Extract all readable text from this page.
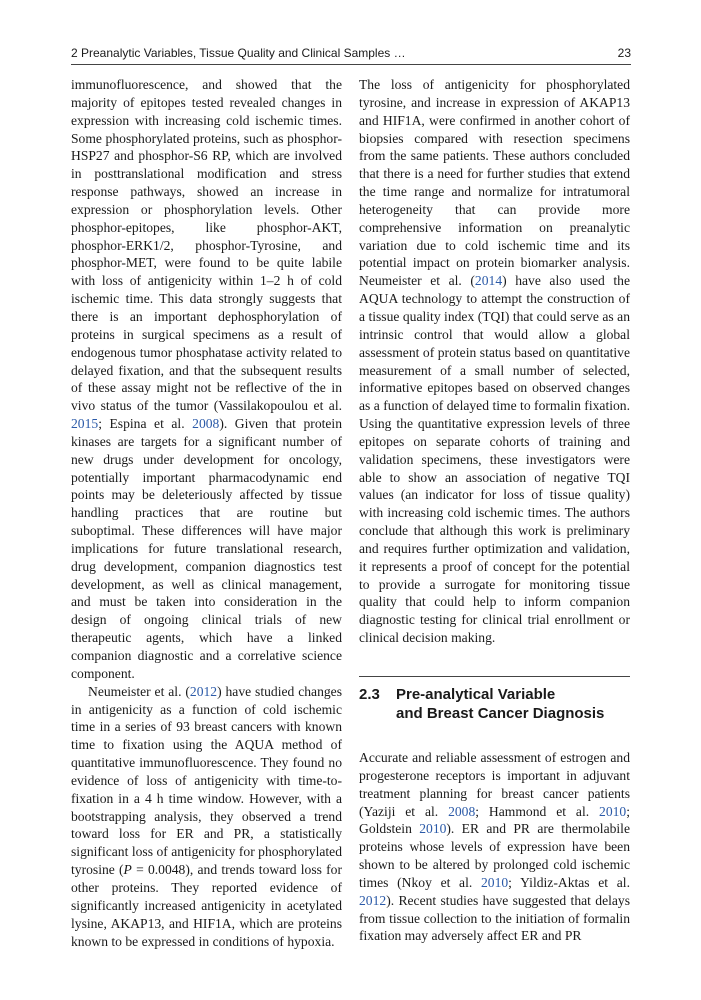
2 Preanalytic Variables, Tissue Quality and Clinical Samples …	23

immunofluorescence, and showed that the majority of epitopes tested revealed changes in expression with increasing cold ischemic times. Some phosphorylated proteins, such as phosphor-HSP27 and phosphor-S6 RP, which are involved in posttranslational modification and stress response pathways, showed an increase in expression or phosphorylation levels. Other phosphor-epitopes, like phosphor-AKT, phosphor-ERK1/2, phosphor-Tyrosine, and phosphor-MET, were found to be quite labile with loss of antigenicity within 1–2 h of cold ischemic time. This data strongly suggests that there is an important dephosphorylation of proteins in surgical specimens as a result of endogenous tumor phosphatase activity related to delayed fixation, and that the subsequent results of these assay might not be reflective of the in vivo status of the tumor (Vassilakopoulou et al. 2015; Espina et al. 2008). Given that protein kinases are targets for a significant number of new drugs under development for oncology, potentially important pharmacodynamic end points may be deleteriously affected by tissue handling practices that are routine but suboptimal. These differences will have major implications for future translational research, drug development, companion diagnostics test development, as well as clinical management, and must be taken into consideration in the design of ongoing clinical trials of new therapeutic agents, which have a linked companion diagnostic and a correlative science component.

Neumeister et al. (2012) have studied changes in antigenicity as a function of cold ischemic time in a series of 93 breast cancers with known time to fixation using the AQUA method of quantitative immunofluorescence. They found no evidence of loss of antigenicity with time-to-fixation in a 4 h time window. However, with a bootstrapping analysis, they observed a trend toward loss for ER and PR, a statistically significant loss of antigenicity for phosphorylated tyrosine (P = 0.0048), and trends toward loss for other proteins. They reported evidence of significantly increased antigenicity in acetylated lysine, AKAP13, and HIF1A, which are proteins known to be expressed in conditions of hypoxia.

The loss of antigenicity for phosphorylated tyrosine, and increase in expression of AKAP13 and HIF1A, were confirmed in another cohort of biopsies compared with resection specimens from the same patients. These authors concluded that there is a need for further studies that extend the time range and normalize for intratumoral heterogeneity that can provide more comprehensive information on preanalytic variation due to cold ischemic time and its potential impact on protein biomarker analysis. Neumeister et al. (2014) have also used the AQUA technology to attempt the construction of a tissue quality index (TQI) that could serve as an intrinsic control that would allow a global assessment of protein status based on quantitative measurement of a small number of selected, informative epitopes based on observed changes as a function of delayed time to formalin fixation. Using the quantitative expression levels of three epitopes on separate cohorts of training and validation specimens, these investigators were able to show an association of negative TQI values (an indicator for loss of tissue quality) with increasing cold ischemic times. The authors conclude that although this work is preliminary and requires further optimization and validation, it represents a proof of concept for the potential to provide a surrogate for monitoring tissue quality that could help to inform companion diagnostic testing for clinical trial enrollment or clinical decision making.

2.3	Pre-analytical Variable
and Breast Cancer Diagnosis

Accurate and reliable assessment of estrogen and progesterone receptors is important in adjuvant treatment planning for breast cancer patients (Yaziji et al. 2008; Hammond et al. 2010; Goldstein 2010). ER and PR are thermolabile proteins whose levels of expression have been shown to be altered by prolonged cold ischemic times (Nkoy et al. 2010; Yildiz-Aktas et al. 2012). Recent studies have suggested that delays from tissue collection to the initiation of formalin fixation may adversely affect ER and PR
